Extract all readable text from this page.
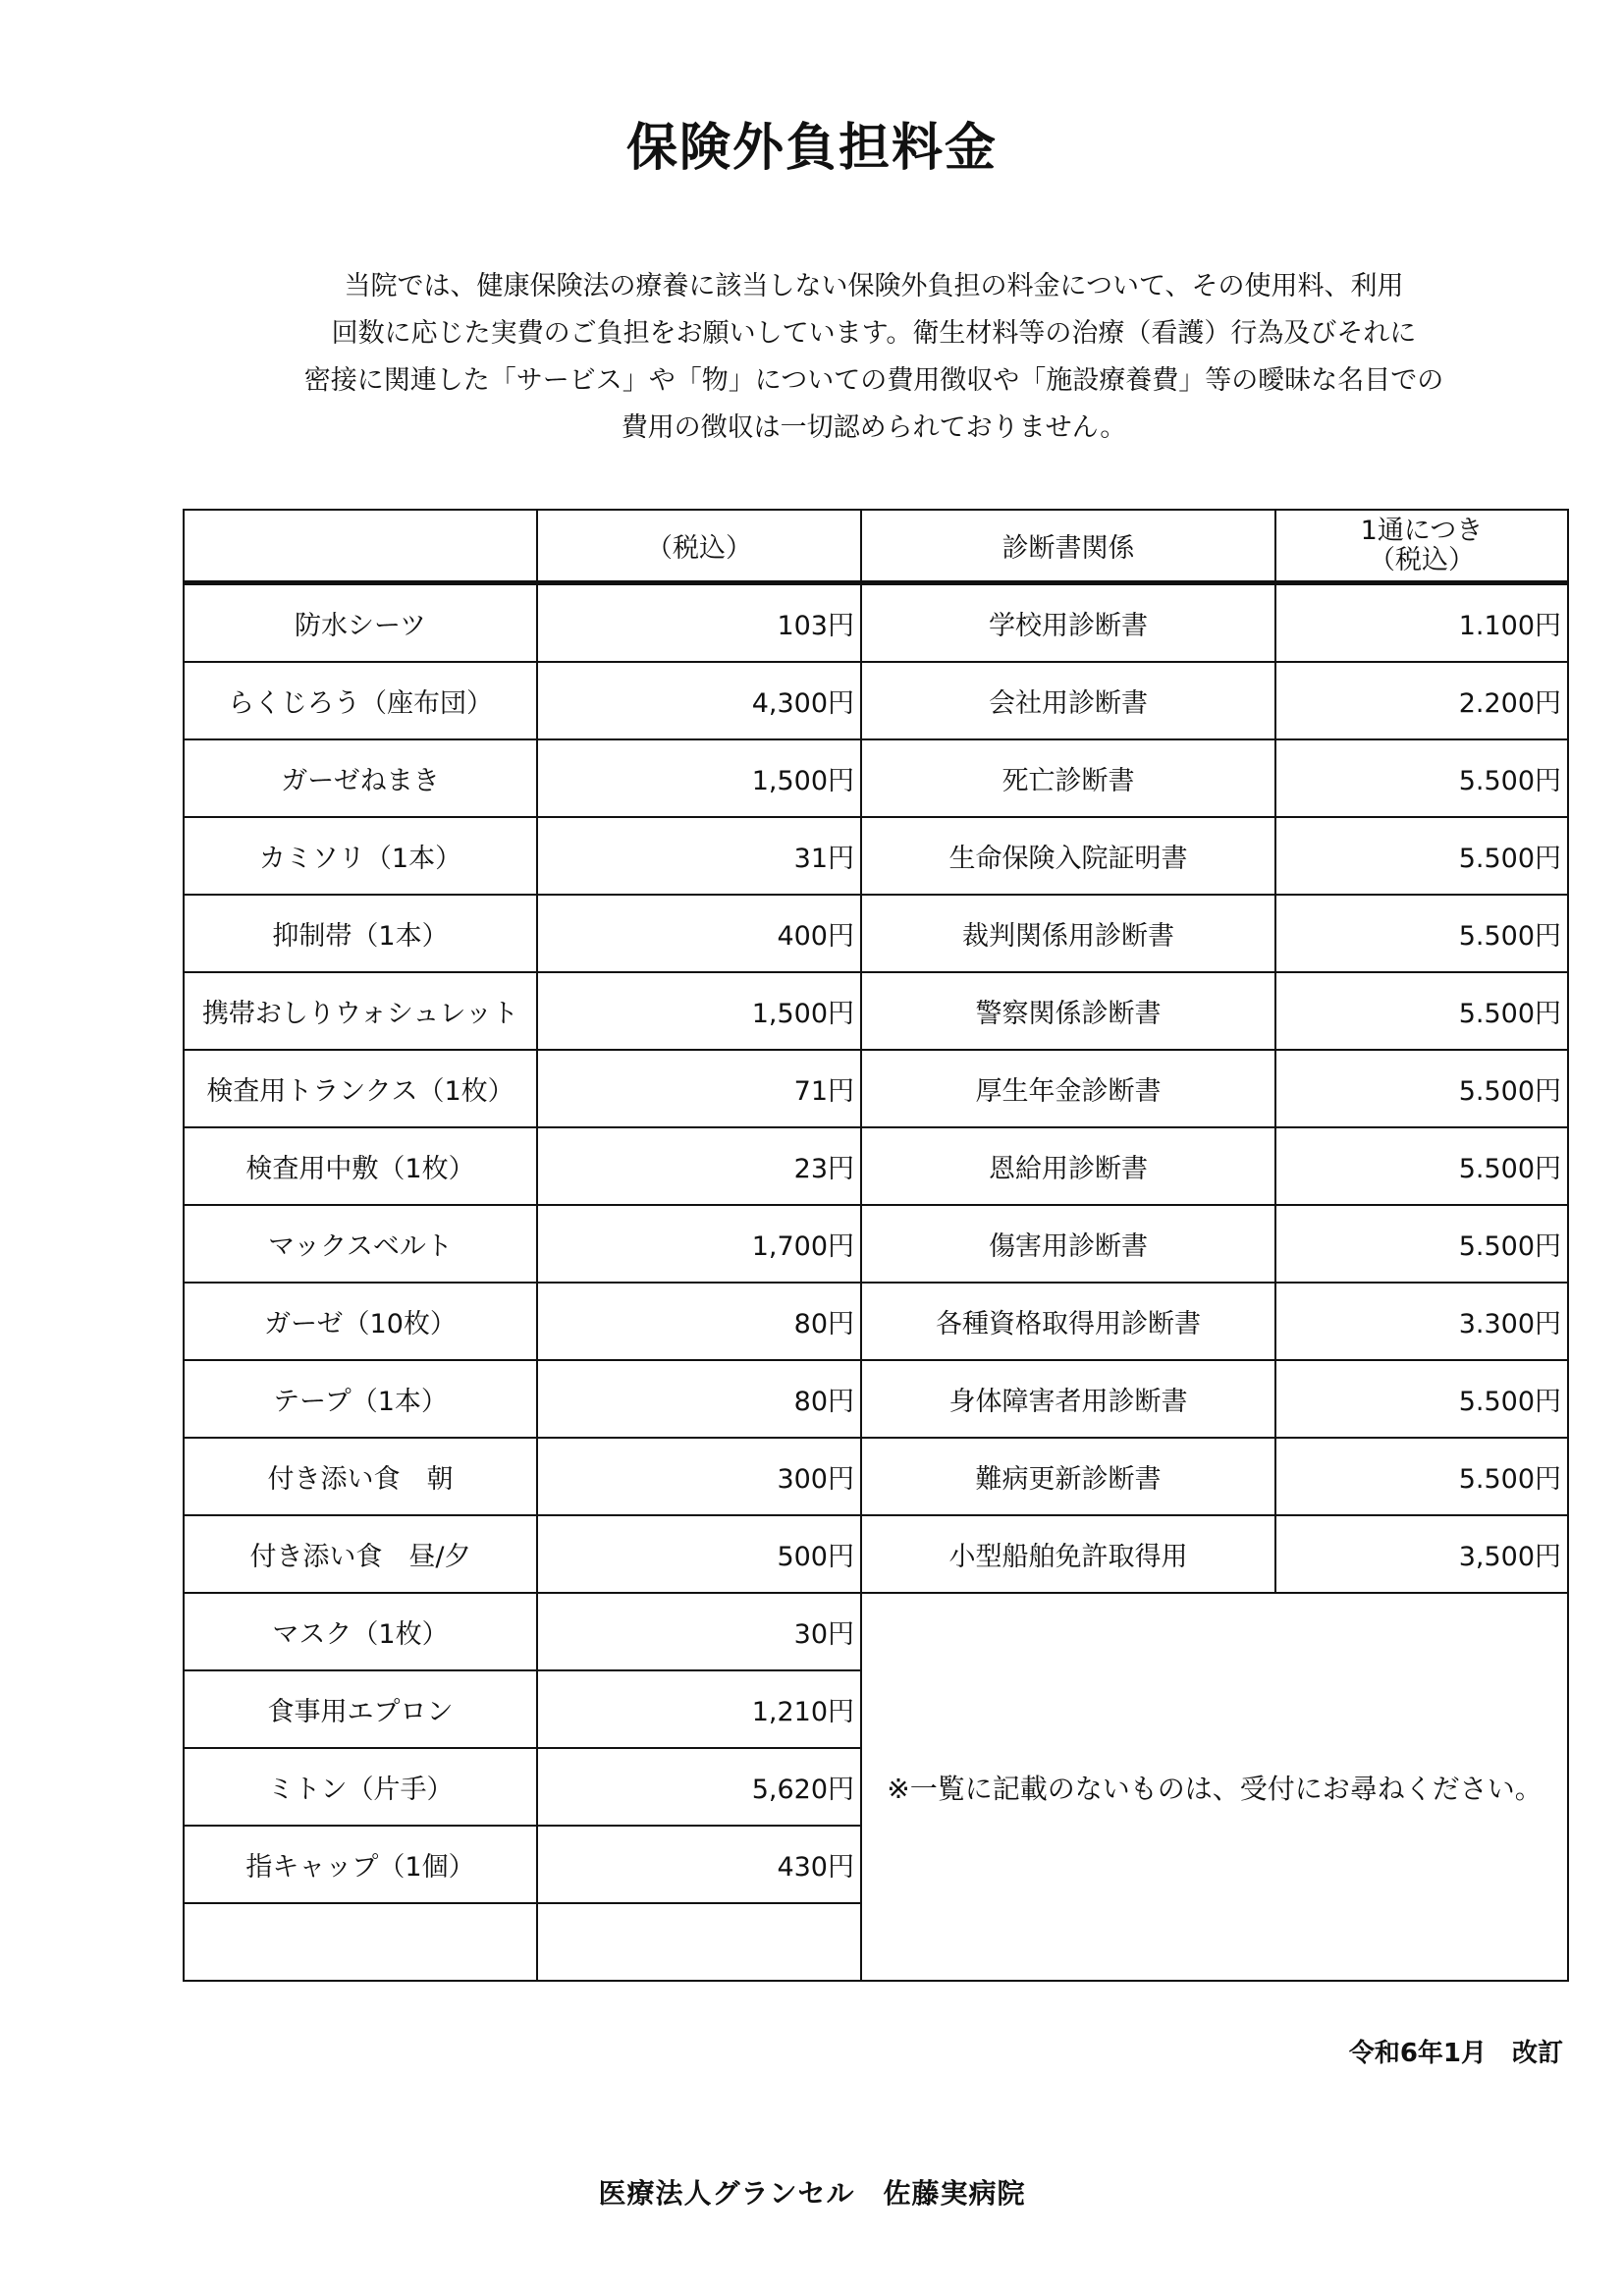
保険外負担料金
当院では、健康保険法の療養に該当しない保険外負担の料金について、その使用料、利用
回数に応じた実費のご負担をお願いしています。衛生材料等の治療（看護）行為及びそれに
密接に関連した「サービス」や「物」についての費用徴収や「施設療養費」等の曖昧な名目での
費用の徴収は一切認められておりません。
	（税込）	診断書関係	1通につき
（税込）

防水シーツ	103円	学校用診断書	1.100円
らくじろう（座布団）	4,300円	会社用診断書	2.200円
ガーゼねまき	1,500円	死亡診断書	5.500円
カミソリ（1本）	31円	生命保険入院証明書	5.500円
抑制帯（1本）	400円	裁判関係用診断書	5.500円
携帯おしりウォシュレット	1,500円	警察関係診断書	5.500円
検査用トランクス（1枚）	71円	厚生年金診断書	5.500円
検査用中敷（1枚）	23円	恩給用診断書	5.500円
マックスベルト	1,700円	傷害用診断書	5.500円
ガーゼ（10枚）	80円	各種資格取得用診断書	3.300円
テープ（1本）	80円	身体障害者用診断書	5.500円
付き添い食　朝	300円	難病更新診断書	5.500円
付き添い食　昼/夕	500円	小型船舶免許取得用	3,500円
マスク（1枚）	30円	※一覧に記載のないものは、受付にお尋ねください。	
食事用エプロン	1,210円		
ミトン（片手）	5,620円		
指キャップ（1個）	430円		

令和6年1月　改訂
医療法人グランセル　佐藤実病院
